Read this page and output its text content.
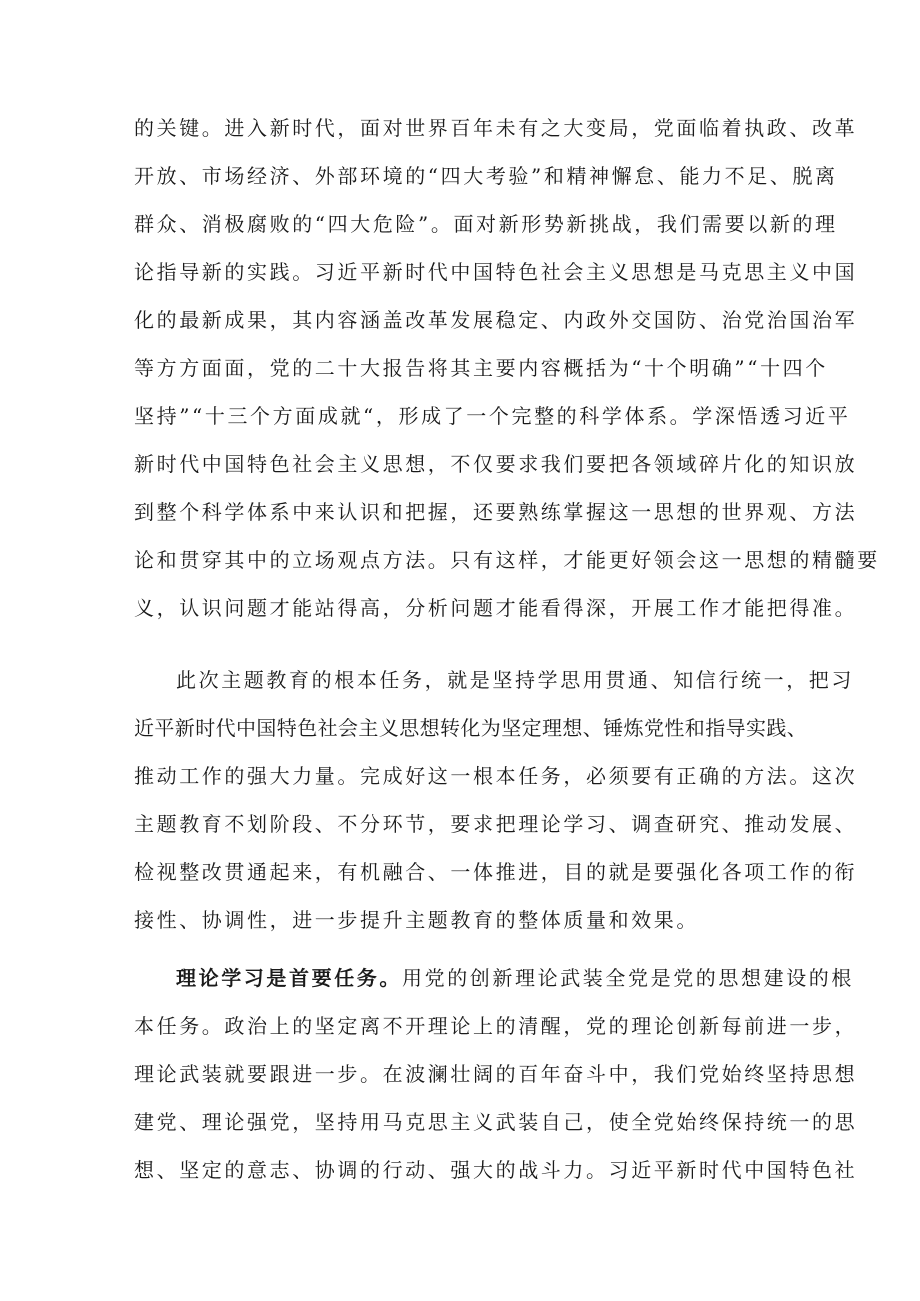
的关键。进入新时代，面对世界百年未有之大变局，党面临着执政、改革
开放、市场经济、外部环境的“四大考验”和精神懈怠、能力不足、脱离
群众、消极腐败的“四大危险”。面对新形势新挑战，我们需要以新的理
论指导新的实践。习近平新时代中国特色社会主义思想是马克思主义中国
化的最新成果，其内容涵盖改革发展稳定、内政外交国防、治党治国治军
等方方面面，党的二十大报告将其主要内容概括为“十个明确”“十四个
坚持”“十三个方面成就“，形成了一个完整的科学体系。学深悟透习近平
新时代中国特色社会主义思想，不仅要求我们要把各领域碎片化的知识放
到整个科学体系中来认识和把握，还要熟练掌握这一思想的世界观、方法
论和贯穿其中的立场观点方法。只有这样，才能更好领会这一思想的精髓要
义，认识问题才能站得高，分析问题才能看得深，开展工作才能把得准。
此次主题教育的根本任务，就是坚持学思用贯通、知信行统一，把习
近平新时代中国特色社会主义思想转化为坚定理想、锤炼党性和指导实践、
推动工作的强大力量。完成好这一根本任务，必须要有正确的方法。这次
主题教育不划阶段、不分环节，要求把理论学习、调查研究、推动发展、
检视整改贯通起来，有机融合、一体推进，目的就是要强化各项工作的衔
接性、协调性，进一步提升主题教育的整体质量和效果。
理论学习是首要任务。用党的创新理论武装全党是党的思想建设的根
本任务。政治上的坚定离不开理论上的清醒，党的理论创新每前进一步，
理论武装就要跟进一步。在波澜壮阔的百年奋斗中，我们党始终坚持思想
建党、理论强党，坚持用马克思主义武装自己，使全党始终保持统一的思
想、坚定的意志、协调的行动、强大的战斗力。习近平新时代中国特色社
